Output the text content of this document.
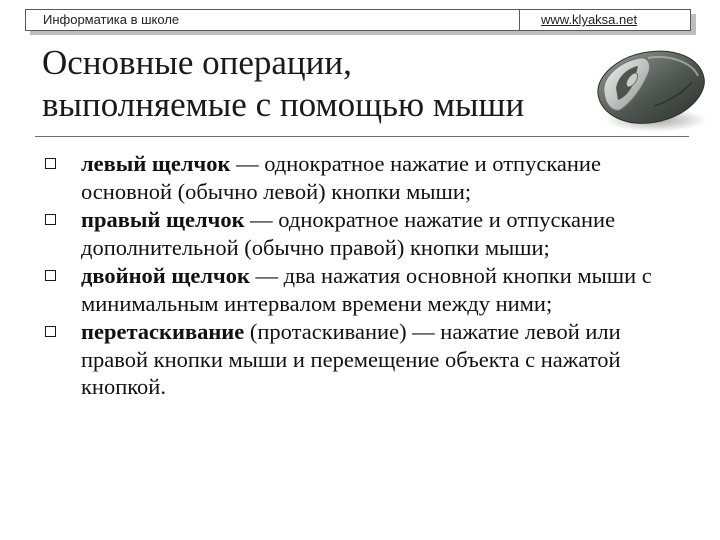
Информатика в школе	www.klyaksa.net
Основные операции,
выполняемые с помощью мыши
левый щелчок — однократное нажатие и отпускание основной (обычно левой) кнопки мыши;
правый щелчок — однократное нажатие и отпускание дополнительной (обычно правой) кнопки мыши;
двойной щелчок — два нажатия основной кнопки мыши с минимальным интервалом времени между ними;
перетаскивание (протаскивание) — нажатие левой или правой кнопки мыши и перемещение объекта с нажатой кнопкой.
